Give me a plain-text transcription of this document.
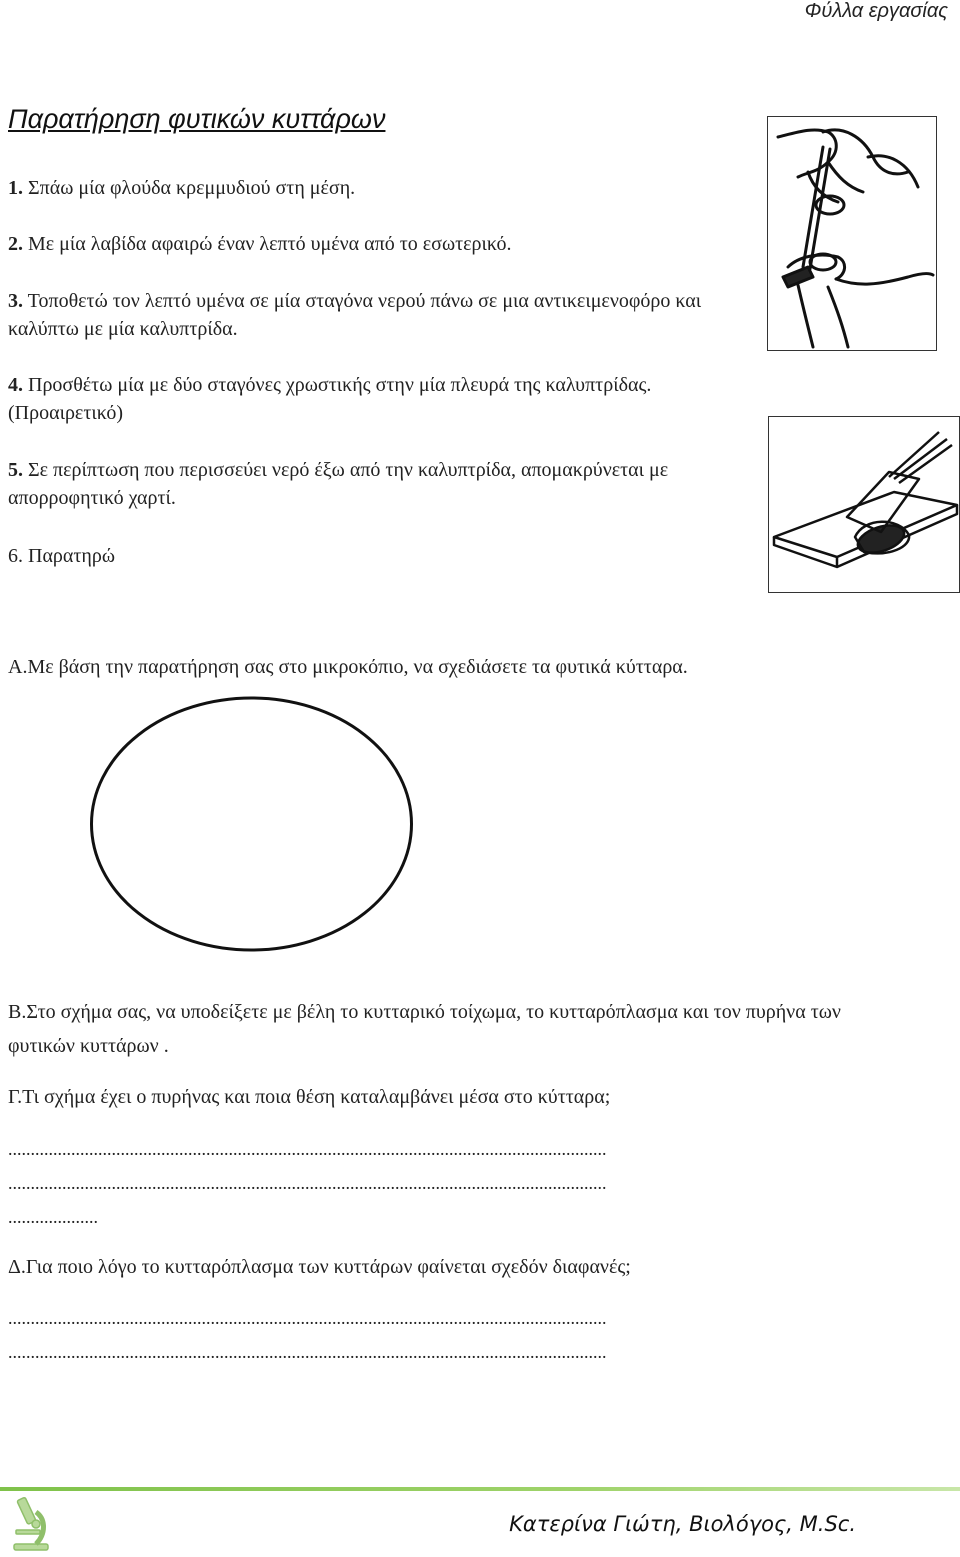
Φύλλα εργασίας
Παρατήρηση φυτικών κυττάρων
1. Σπάω μία φλούδα κρεμμυδιού στη μέση.
2. Με μία λαβίδα αφαιρώ έναν λεπτό υμένα από το εσωτερικό.
3. Τοποθετώ τον λεπτό υμένα σε μία σταγόνα νερού πάνω σε μια αντικειμενοφόρο και καλύπτω με μία καλυπτρίδα.
4. Προσθέτω μία με δύο σταγόνες χρωστικής στην μία πλευρά της καλυπτρίδας. (Προαιρετικό)
5. Σε περίπτωση που περισσεύει νερό έξω από την καλυπτρίδα, απομακρύνεται με απορροφητικό χαρτί.
6. Παρατηρώ
Α.Με βάση την παρατήρηση σας στο μικροκόπιο, να σχεδιάσετε τα φυτικά κύτταρα.
Β.Στο σχήμα σας, να υποδείξετε με βέλη το κυτταρικό τοίχωμα, το κυτταρόπλασμα και τον πυρήνα των φυτικών κυττάρων .
Γ.Τι σχήμα έχει ο πυρήνας και ποια θέση καταλαμβάνει μέσα στο κύτταρα;
.....................................................................................................................................
.....................................................................................................................................
....................
Δ.Για ποιο λόγο το κυτταρόπλασμα των κυττάρων φαίνεται σχεδόν διαφανές;
.....................................................................................................................................
.....................................................................................................................................
Κατερίνα Γιώτη, Βιολόγος, M.Sc.
